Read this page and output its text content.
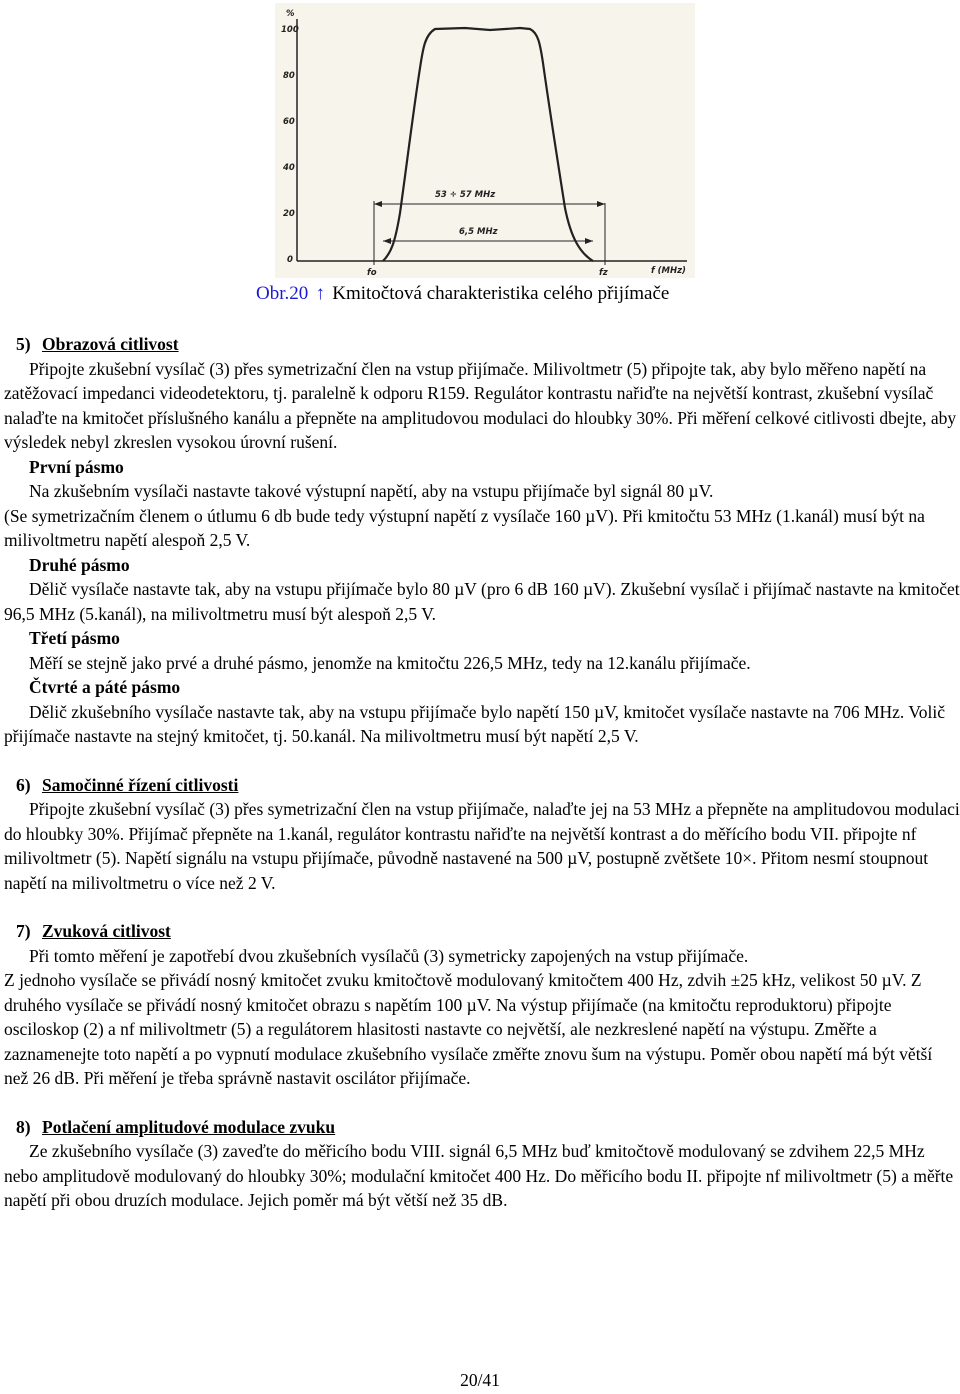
%
100
80
60
40
20
0
fo	fz	f (MHz)
53 ÷ 57 MHz
6,5 MHz
Obr.20 ↑ Kmitočtová charakteristika celého přijímače

5) Obrazová citlivost

Připojte zkušební vysílač (3) přes symetrizační člen na vstup přijímače. Milivoltmetr (5) připojte tak, aby bylo měřeno napětí na zatěžovací impedanci videodetektoru, tj. paralelně k odporu R159. Regulátor kontrastu nařiďte na největší kontrast, zkušební vysílač nalaďte na kmitočet příslušného kanálu a přepněte na amplitudovou modulaci do hloubky 30%. Při měření celkové citlivosti dbejte, aby výsledek nebyl zkreslen vysokou úrovní rušení.

První pásmo

Na zkušebním vysílači nastavte takové výstupní napětí, aby na vstupu přijímače byl signál 80 µV.

(Se symetrizačním členem o útlumu 6 db bude tedy výstupní napětí z vysílače 160 µV). Při kmitočtu 53 MHz (1.kanál) musí být na milivoltmetru napětí alespoň 2,5 V.

Druhé pásmo

Dělič vysílače nastavte tak, aby na vstupu přijímače bylo 80 µV (pro 6 dB 160 µV). Zkušební vysílač i přijímač nastavte na kmitočet 96,5 MHz (5.kanál), na milivoltmetru musí být alespoň 2,5 V.

Třetí pásmo

Měří se stejně jako prvé a druhé pásmo, jenomže na kmitočtu 226,5 MHz, tedy na 12.kanálu přijímače.

Čtvrté a páté pásmo

Dělič zkušebního vysílače nastavte tak, aby na vstupu přijímače bylo napětí 150 µV, kmitočet vysílače nastavte na 706 MHz. Volič přijímače nastavte na stejný kmitočet, tj. 50.kanál. Na milivoltmetru musí být napětí 2,5 V.

6) Samočinné řízení citlivosti

Připojte zkušební vysílač (3) přes symetrizační člen na vstup přijímače, nalaďte jej na 53 MHz a přepněte na amplitudovou modulaci do hloubky 30%. Přijímač přepněte na 1.kanál, regulátor kontrastu nařiďte na největší kontrast a do měřícího bodu VII. připojte nf milivoltmetr (5). Napětí signálu na vstupu přijímače, původně nastavené na 500 µV, postupně zvětšete 10×. Přitom nesmí stoupnout napětí na milivoltmetru o více než 2 V.

7) Zvuková citlivost

Při tomto měření je zapotřebí dvou zkušebních vysílačů (3) symetricky zapojených na vstup přijímače.

Z jednoho vysílače se přivádí nosný kmitočet zvuku kmitočtově modulovaný kmitočtem 400 Hz, zdvih ±25 kHz, velikost 50 µV. Z druhého vysílače se přivádí nosný kmitočet obrazu s napětím 100 µV. Na výstup přijímače (na kmitočtu reproduktoru) připojte osciloskop (2) a nf milivoltmetr (5) a regulátorem hlasitosti nastavte co největší, ale nezkreslené napětí na výstupu. Změřte a zaznamenejte toto napětí a po vypnutí modulace zkušebního vysílače změřte znovu šum na výstupu. Poměr obou napětí má být větší než 26 dB. Při měření je třeba správně nastavit oscilátor přijímače.

8) Potlačení amplitudové modulace zvuku

Ze zkušebního vysílače (3) zaveďte do měřicího bodu VIII. signál 6,5 MHz buď kmitočtově modulovaný se zdvihem 22,5 MHz nebo amplitudově modulovaný do hloubky 30%; modulační kmitočet 400 Hz. Do měřicího bodu II. připojte nf milivoltmetr (5) a měřte napětí při obou druzích modulace. Jejich poměr má být větší než 35 dB.

20/41
